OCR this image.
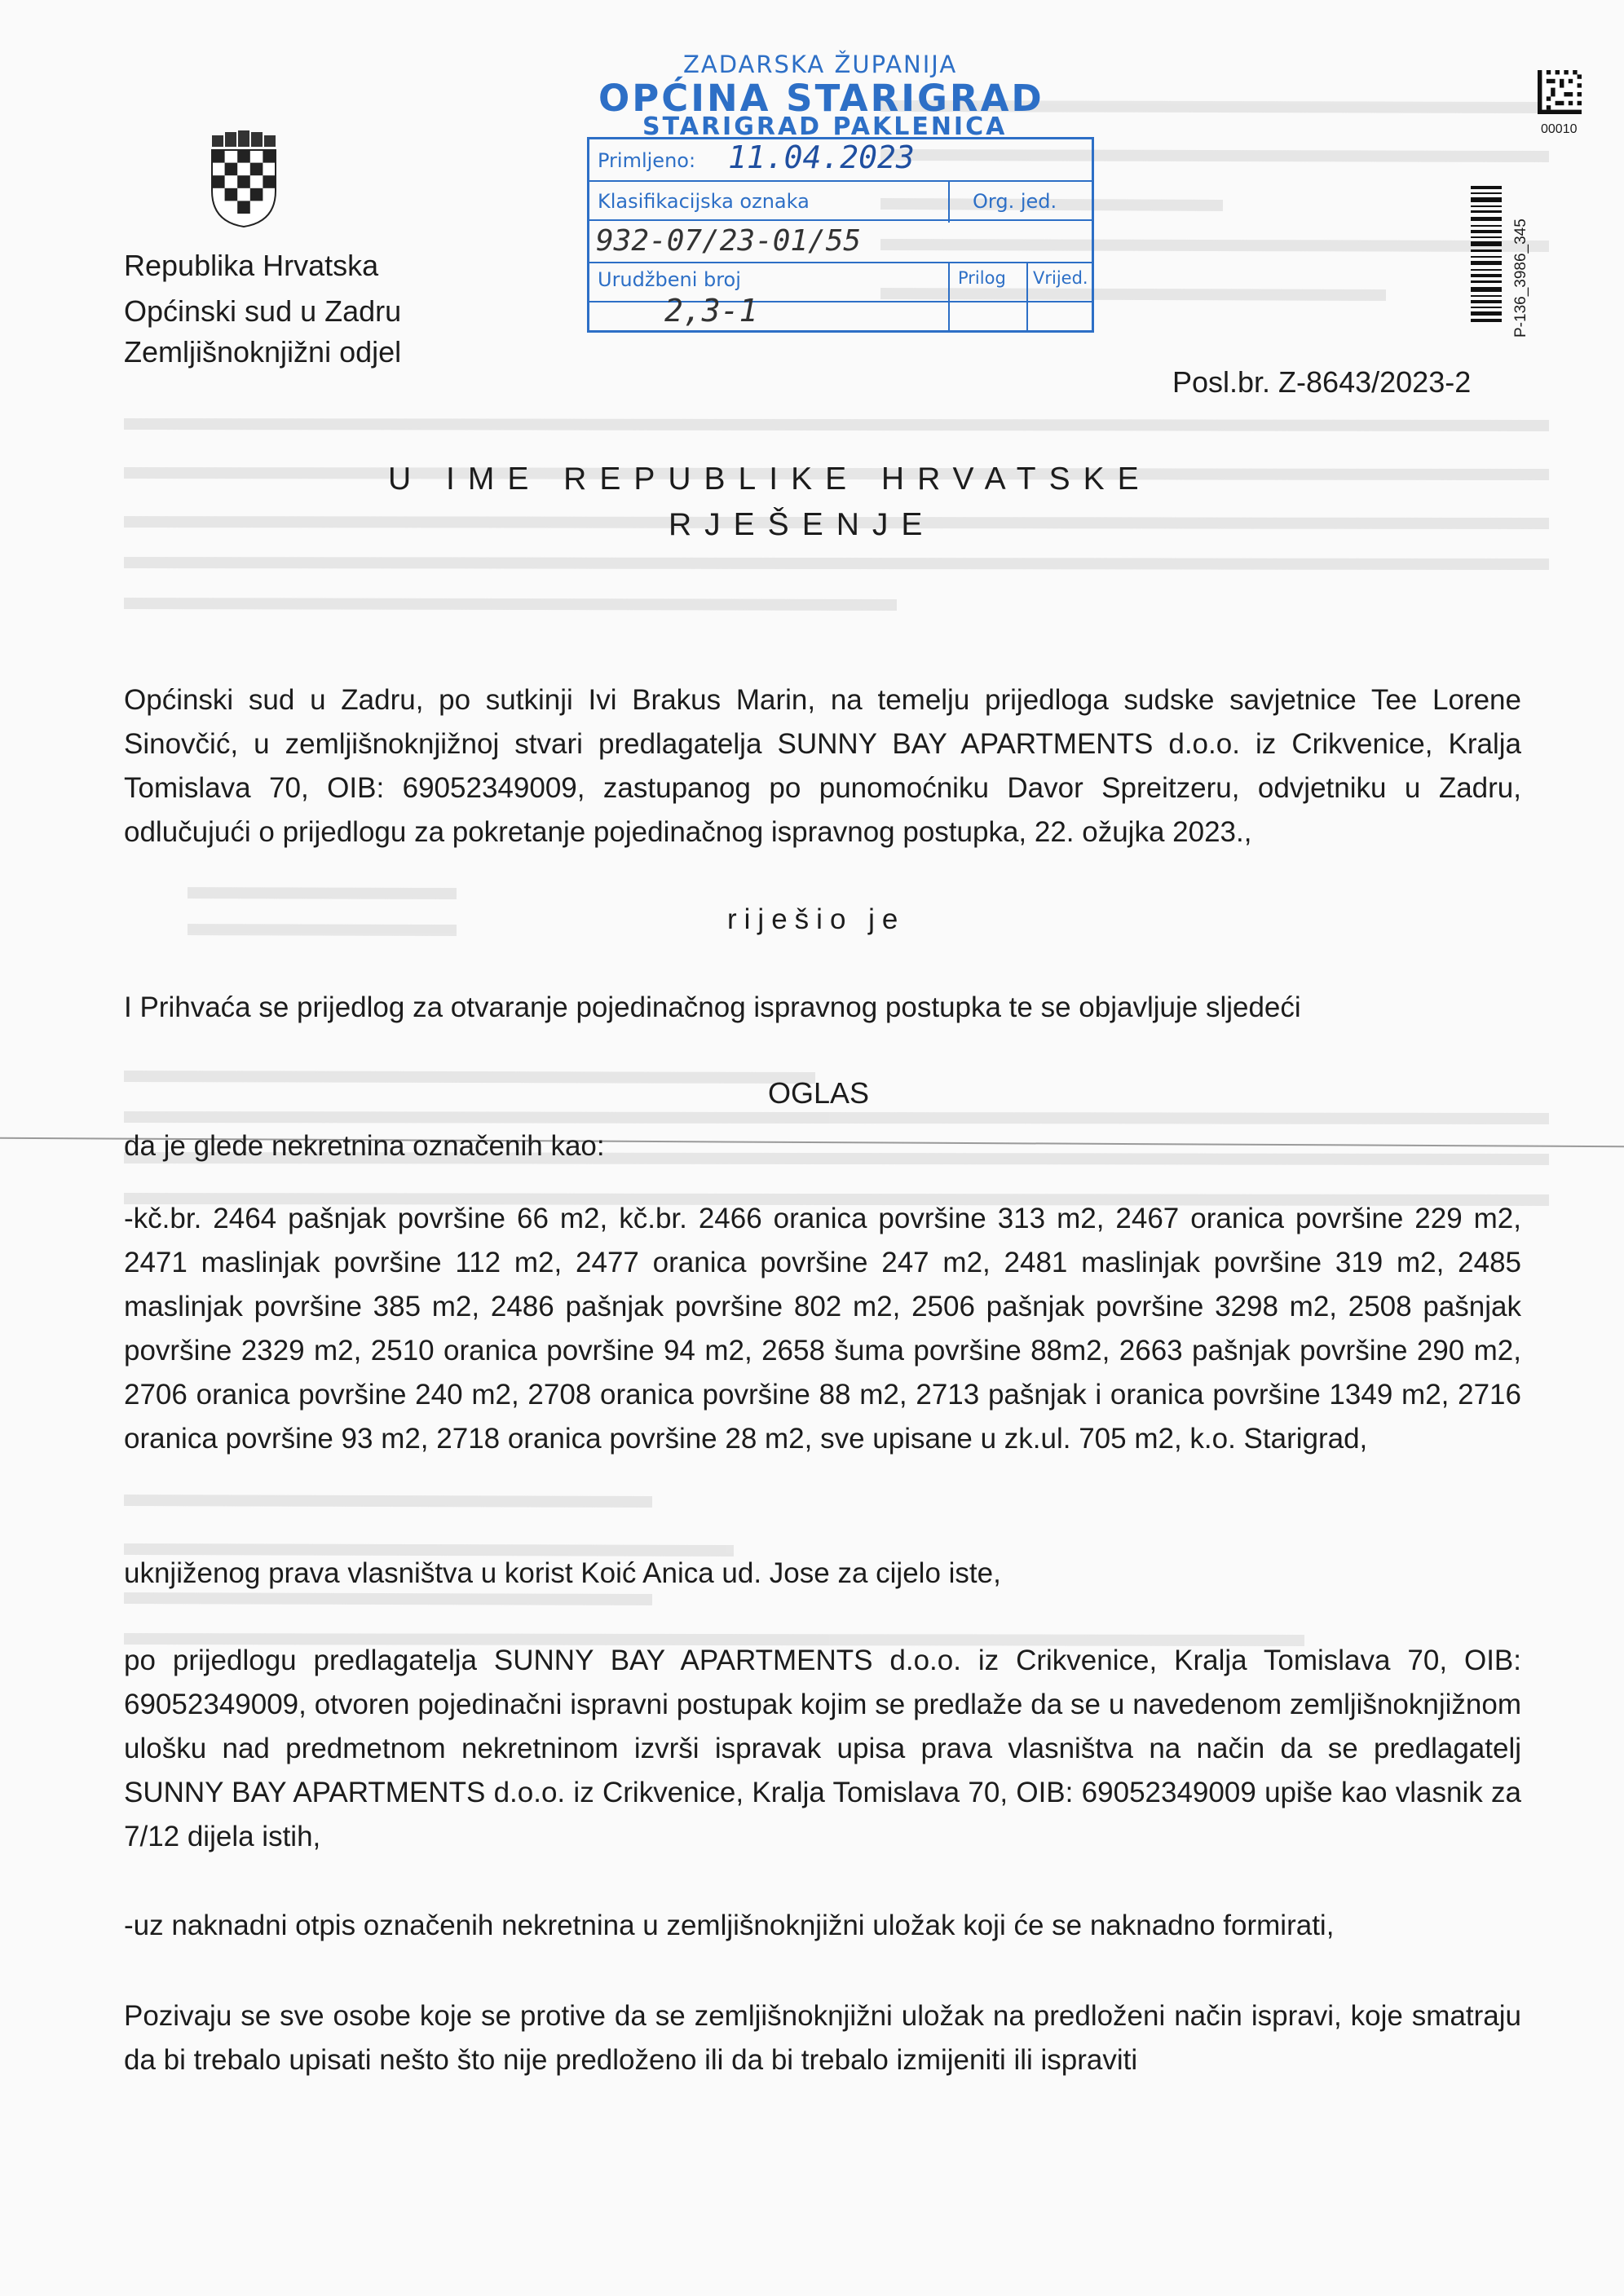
Republika Hrvatska
Općinski sud u Zadru
Zemljišnoknjižni odjel
Posl.br. Z-8643/2023-2
ZADARSKA ŽUPANIJA
OPĆINA STARIGRAD
STARIGRAD PAKLENICA
Primljeno: 11.04.2023
Klasifikacijska oznaka	Org. jed.
932-07/23-01/55
Urudžbeni broj	Prilog Vrijed.
2,3-1
00010
P-136_3986_345
U IME REPUBLIKE HRVATSKE
RJEŠENJE
Općinski sud u Zadru, po sutkinji Ivi Brakus Marin, na temelju prijedloga sudske savjetnice Tee Lorene Sinovčić, u zemljišnoknjižnoj stvari predlagatelja SUNNY BAY APARTMENTS d.o.o. iz Crikvenice, Kralja Tomislava 70, OIB: 69052349009, zastupanog po punomoćniku Davor Spreitzeru, odvjetniku u Zadru, odlučujući o prijedlogu za pokretanje pojedinačnog ispravnog postupka, 22. ožujka 2023.,
riješio je
I Prihvaća se prijedlog za otvaranje pojedinačnog ispravnog postupka te se objavljuje sljedeći
OGLAS
da je glede nekretnina označenih kao:
-kč.br. 2464 pašnjak površine 66 m2, kč.br. 2466 oranica površine 313 m2, 2467 oranica površine 229 m2, 2471 maslinjak površine 112 m2, 2477 oranica površine 247 m2, 2481 maslinjak površine 319 m2, 2485 maslinjak površine 385 m2, 2486 pašnjak površine 802 m2, 2506 pašnjak površine 3298 m2, 2508 pašnjak površine 2329 m2, 2510 oranica površine 94 m2, 2658 šuma površine 88m2, 2663 pašnjak površine 290 m2, 2706 oranica površine 240 m2, 2708 oranica površine 88 m2, 2713 pašnjak i oranica površine 1349 m2, 2716 oranica površine 93 m2, 2718 oranica površine 28 m2, sve upisane u zk.ul. 705 m2, k.o. Starigrad,
uknjiženog prava vlasništva u korist Koić Anica ud. Jose za cijelo iste,
po prijedlogu predlagatelja SUNNY BAY APARTMENTS d.o.o. iz Crikvenice, Kralja Tomislava 70, OIB: 69052349009, otvoren pojedinačni ispravni postupak kojim se predlaže da se u navedenom zemljišnoknjižnom ulošku nad predmetnom nekretninom izvrši ispravak upisa prava vlasništva na način da se predlagatelj SUNNY BAY APARTMENTS d.o.o. iz Crikvenice, Kralja Tomislava 70, OIB: 69052349009 upiše kao vlasnik za 7/12 dijela istih,
-uz naknadni otpis označenih nekretnina u zemljišnoknjižni uložak koji će se naknadno formirati,
Pozivaju se sve osobe koje se protive da se zemljišnoknjižni uložak na predloženi način ispravi, koje smatraju da bi trebalo upisati nešto što nije predloženo ili da bi trebalo izmijeniti ili ispraviti
